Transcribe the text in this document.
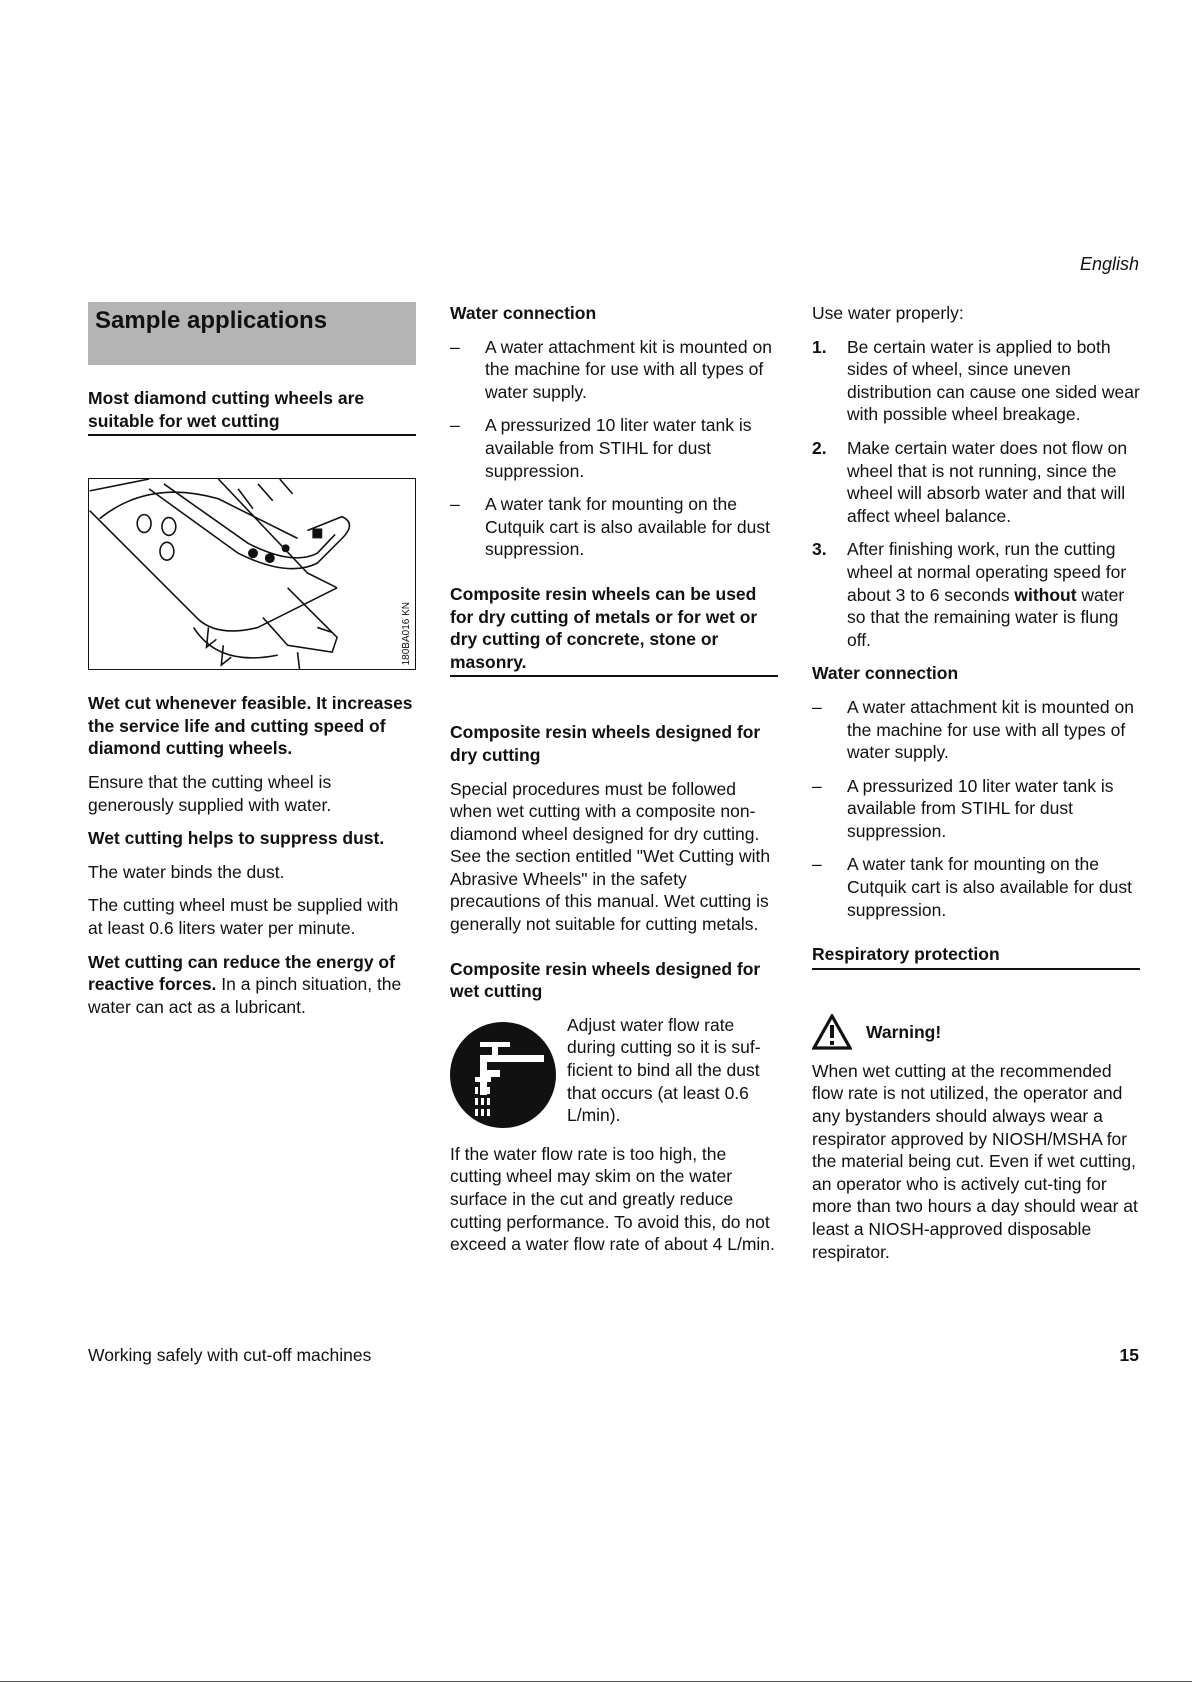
English
Sample applications
Most diamond cutting wheels are suitable for wet cutting
180BA016 KN
Wet cut whenever feasible. It increases the service life and cutting speed of diamond cutting wheels.

Ensure that the cutting wheel is generously supplied with water.

Wet cutting helps to suppress dust.

The water binds the dust.

The cutting wheel must be supplied with at least 0.6 liters water per minute.

Wet cutting can reduce the energy of reactive forces. In a pinch situation, the water can act as a lubricant.

Water connection
– A water attachment kit is mounted on the machine for use with all types of water supply.
– A pressurized 10 liter water tank is available from STIHL for dust suppression.
– A water tank for mounting on the Cutquik cart is also available for dust suppression.
Composite resin wheels can be used for dry cutting of metals or for wet or dry cutting of concrete, stone or masonry.
Composite resin wheels designed for dry cutting

Special procedures must be followed when wet cutting with a composite non-diamond wheel designed for dry cutting. See the section entitled "Wet Cutting with Abrasive Wheels" in the safety precautions of this manual. Wet cutting is generally not suitable for cutting metals.

Composite resin wheels designed for wet cutting

Adjust water flow rate during cutting so it is suf-ficient to bind all the dust that occurs (at least 0.6 L/min).

If the water flow rate is too high, the cutting wheel may skim on the water surface in the cut and greatly reduce cutting performance. To avoid this, do not exceed a water flow rate of about 4 L/min.

Use water properly:

1. Be certain water is applied to both sides of wheel, since uneven distribution can cause one sided wear with possible wheel breakage.
2. Make certain water does not flow on wheel that is not running, since the wheel will absorb water and that will affect wheel balance.
3. After finishing work, run the cutting wheel at normal operating speed for about 3 to 6 seconds without water so that the remaining water is flung off.
Water connection
– A water attachment kit is mounted on the machine for use with all types of water supply.
– A pressurized 10 liter water tank is available from STIHL for dust suppression.
– A water tank for mounting on the Cutquik cart is also available for dust suppression.
Respiratory protection
Warning!

When wet cutting at the recommended flow rate is not utilized, the operator and any bystanders should always wear a respirator approved by NIOSH/MSHA for the material being cut. Even if wet cutting, an operator who is actively cut-ting for more than two hours a day should wear at least a NIOSH-approved disposable respirator.

Working safely with cut-off machines	15
